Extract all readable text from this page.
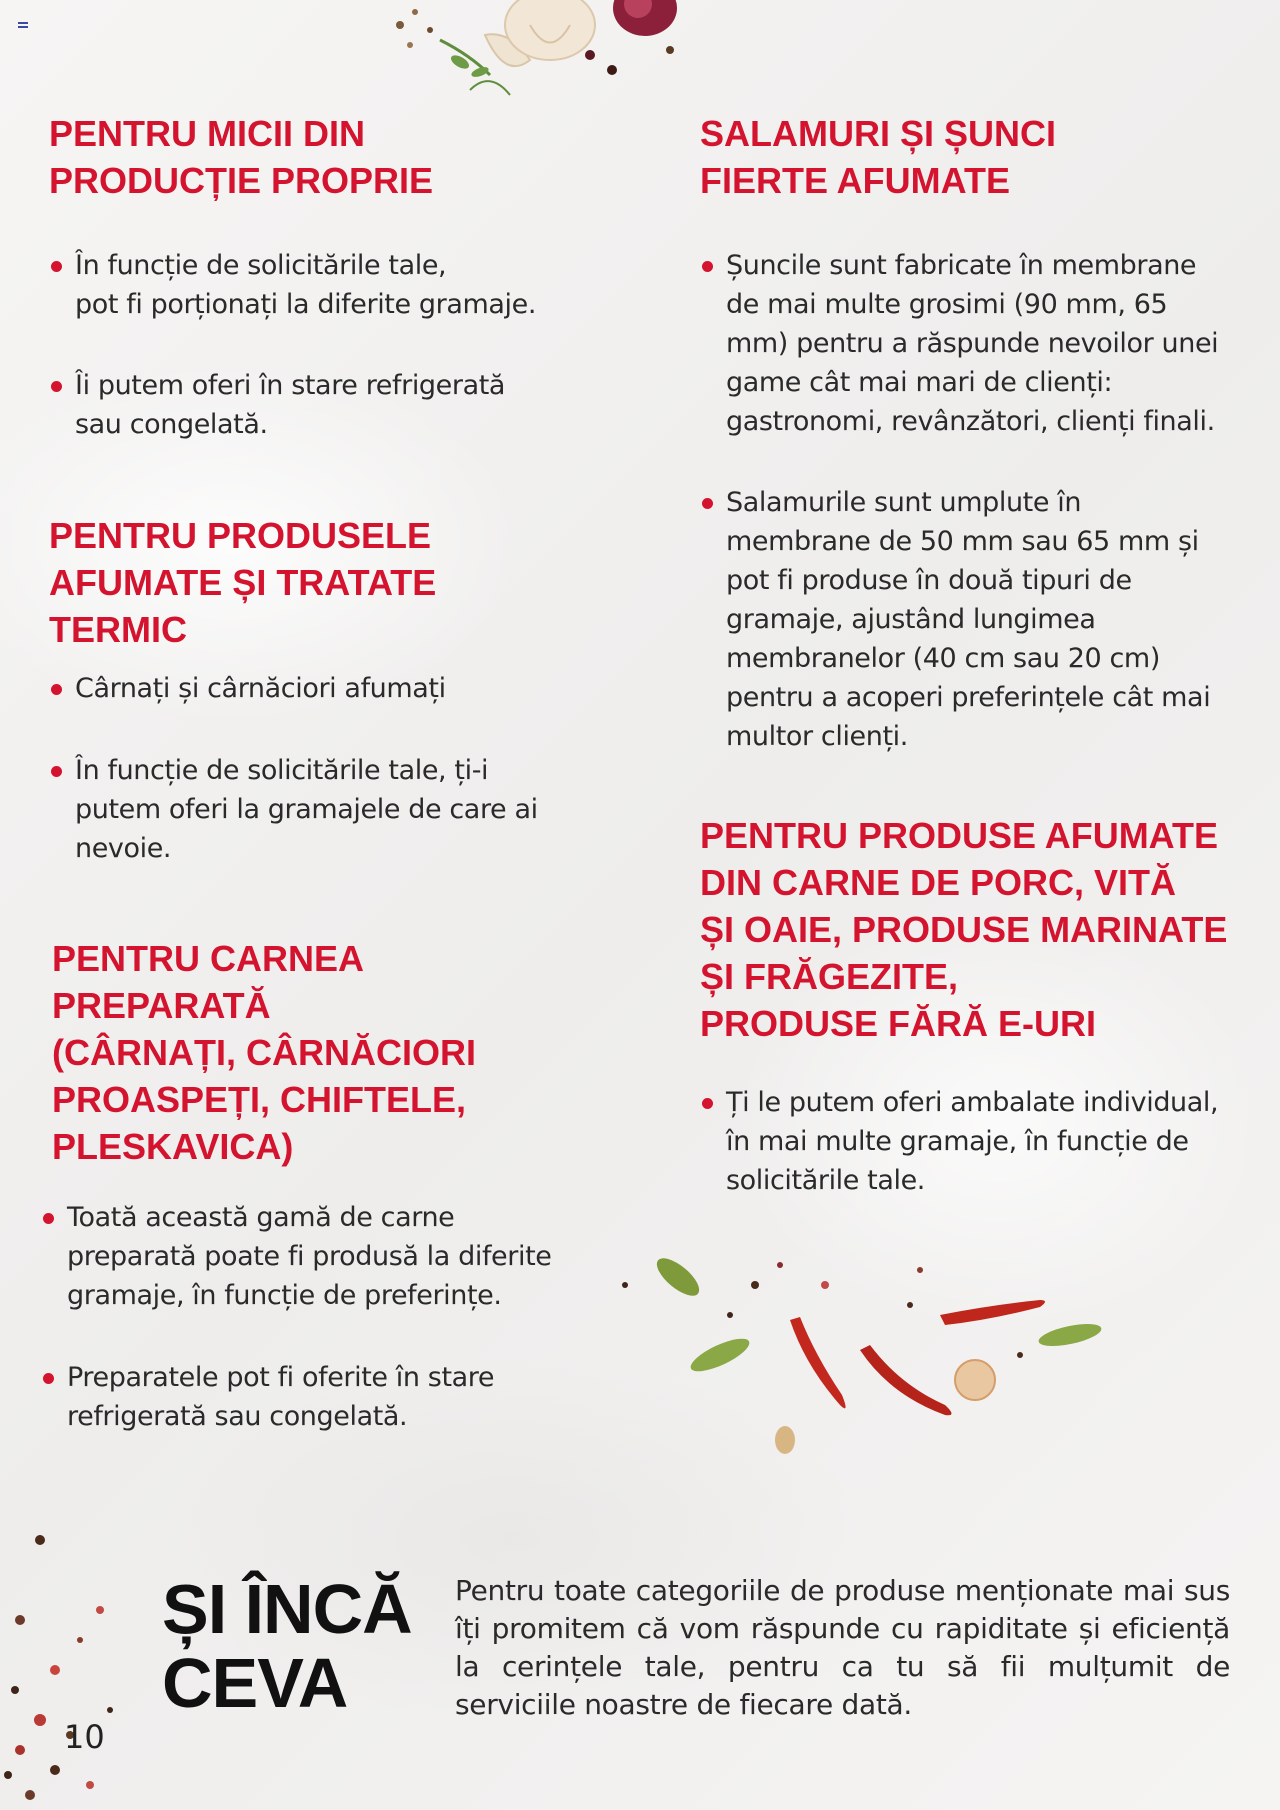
PENTRU MICII DIN
PRODUCȚIE PROPRIE
În funcție de solicitările tale,
pot fi porționați la diferite gramaje.
Îi putem oferi în stare refrigerată
sau congelată.
PENTRU PRODUSELE
AFUMATE ȘI TRATATE
TERMIC
Cârnați și cârnăciori afumați
În funcție de solicitările tale, ți-i
putem oferi la gramajele de care ai
nevoie.
PENTRU CARNEA
PREPARATĂ
(CÂRNAȚI, CÂRNĂCIORI
PROASPEȚI, CHIFTELE,
PLESKAVICA)
Toată această gamă de carne
preparată poate fi produsă la diferite
gramaje, în funcție de preferințe.
Preparatele pot fi oferite în stare
refrigerată sau congelată.
SALAMURI ȘI ȘUNCI
FIERTE AFUMATE
Șuncile sunt fabricate în membrane
de mai multe grosimi (90 mm, 65
mm) pentru a răspunde nevoilor unei
game cât mai mari de clienți:
gastronomi, revânzători, clienți finali.
Salamurile sunt umplute în
membrane de 50 mm sau 65 mm și
pot fi produse în două tipuri de
gramaje, ajustând lungimea
membranelor (40 cm sau 20 cm)
pentru a acoperi preferințele cât mai
multor clienți.
PENTRU PRODUSE AFUMATE
DIN CARNE DE PORC, VITĂ
ȘI OAIE, PRODUSE MARINATE
ȘI FRĂGEZITE,
PRODUSE FĂRĂ E-URI
Ți le putem oferi ambalate individual,
în mai multe gramaje, în funcție de
solicitările tale.
ȘI ÎNCĂ
CEVA

Pentru toate categoriile de produse menționate mai sus îți promitem că vom răspunde cu rapiditate și eficiență la cerințele tale, pentru ca tu să fii mulțumit de serviciile noastre de fiecare dată.

10
